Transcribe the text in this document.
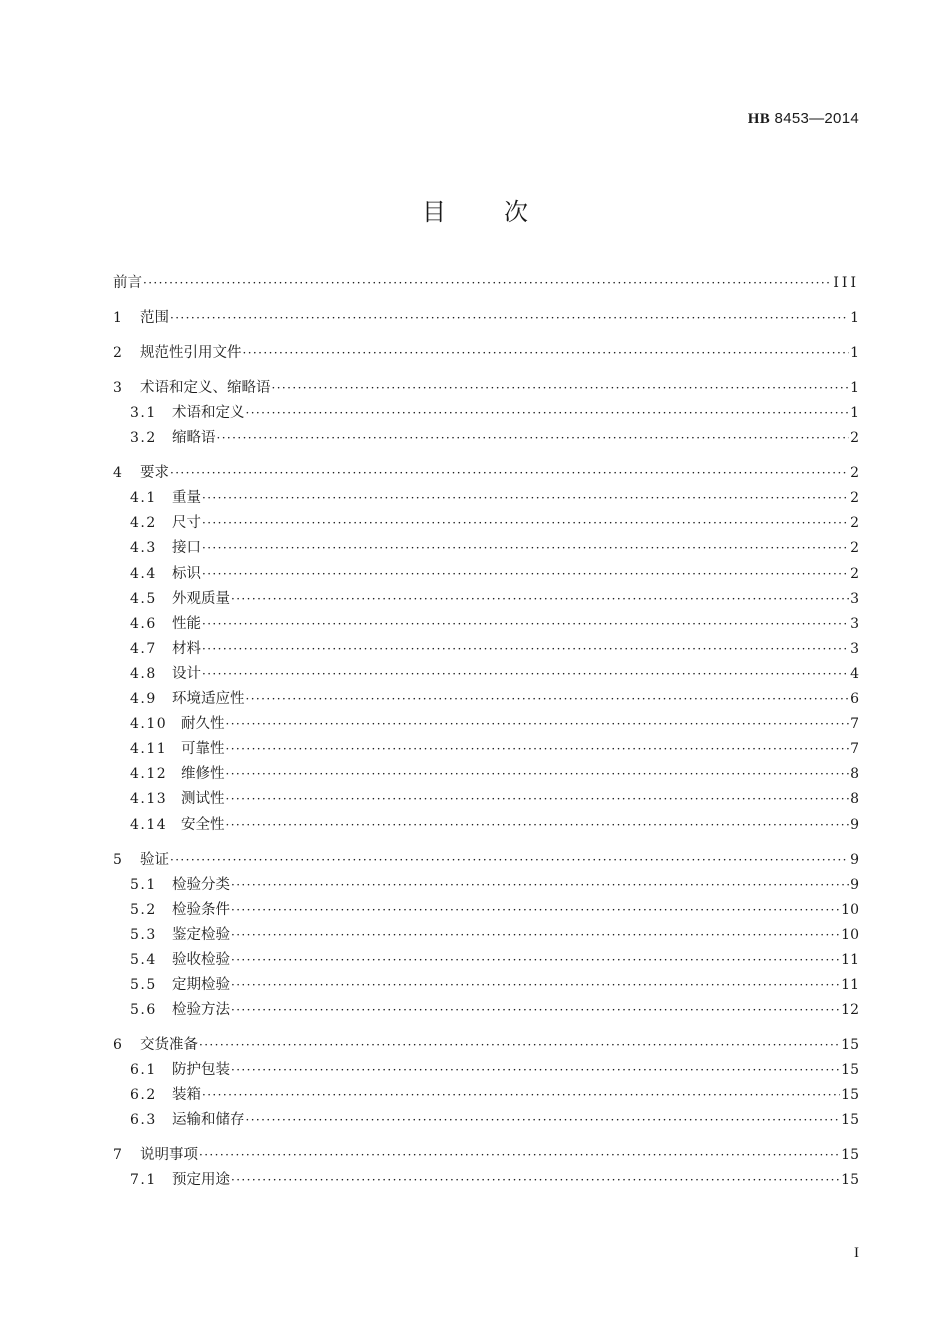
HB 8453—2014
目 次
前言 ·····	III
1	范围 ·····	1
2	规范性引用文件 ·····	1
3	术语和定义、缩略语 ·····	1
3.1	术语和定义 ·····	1
3.2	缩略语 ·····	2
4	要求 ·····	2
4.1	重量 ·····	2
4.2	尺寸 ·····	2
4.3	接口 ·····	2
4.4	标识 ·····	2
4.5	外观质量 ·····	3
4.6	性能 ·····	3
4.7	材料 ·····	3
4.8	设计 ·····	4
4.9	环境适应性 ·····	6
4.10 耐久性 ·····	7
4.11 可靠性 ·····	7
4.12 维修性 ·····	8
4.13 测试性 ·····	8
4.14 安全性 ·····	9
5	验证 ·····	9
5.1	检验分类 ·····	9
5.2	检验条件 ·····	10
5.3	鉴定检验 ·····	10
5.4	验收检验 ·····	11
5.5	定期检验 ·····	11
5.6	检验方法 ·····	12
6	交货准备 ·····	15
6.1	防护包装 ·····	15
6.2	装箱 ·····	15
6.3	运输和储存 ·····	15
7	说明事项 ·····	15
7.1	预定用途 ·····	15
I
